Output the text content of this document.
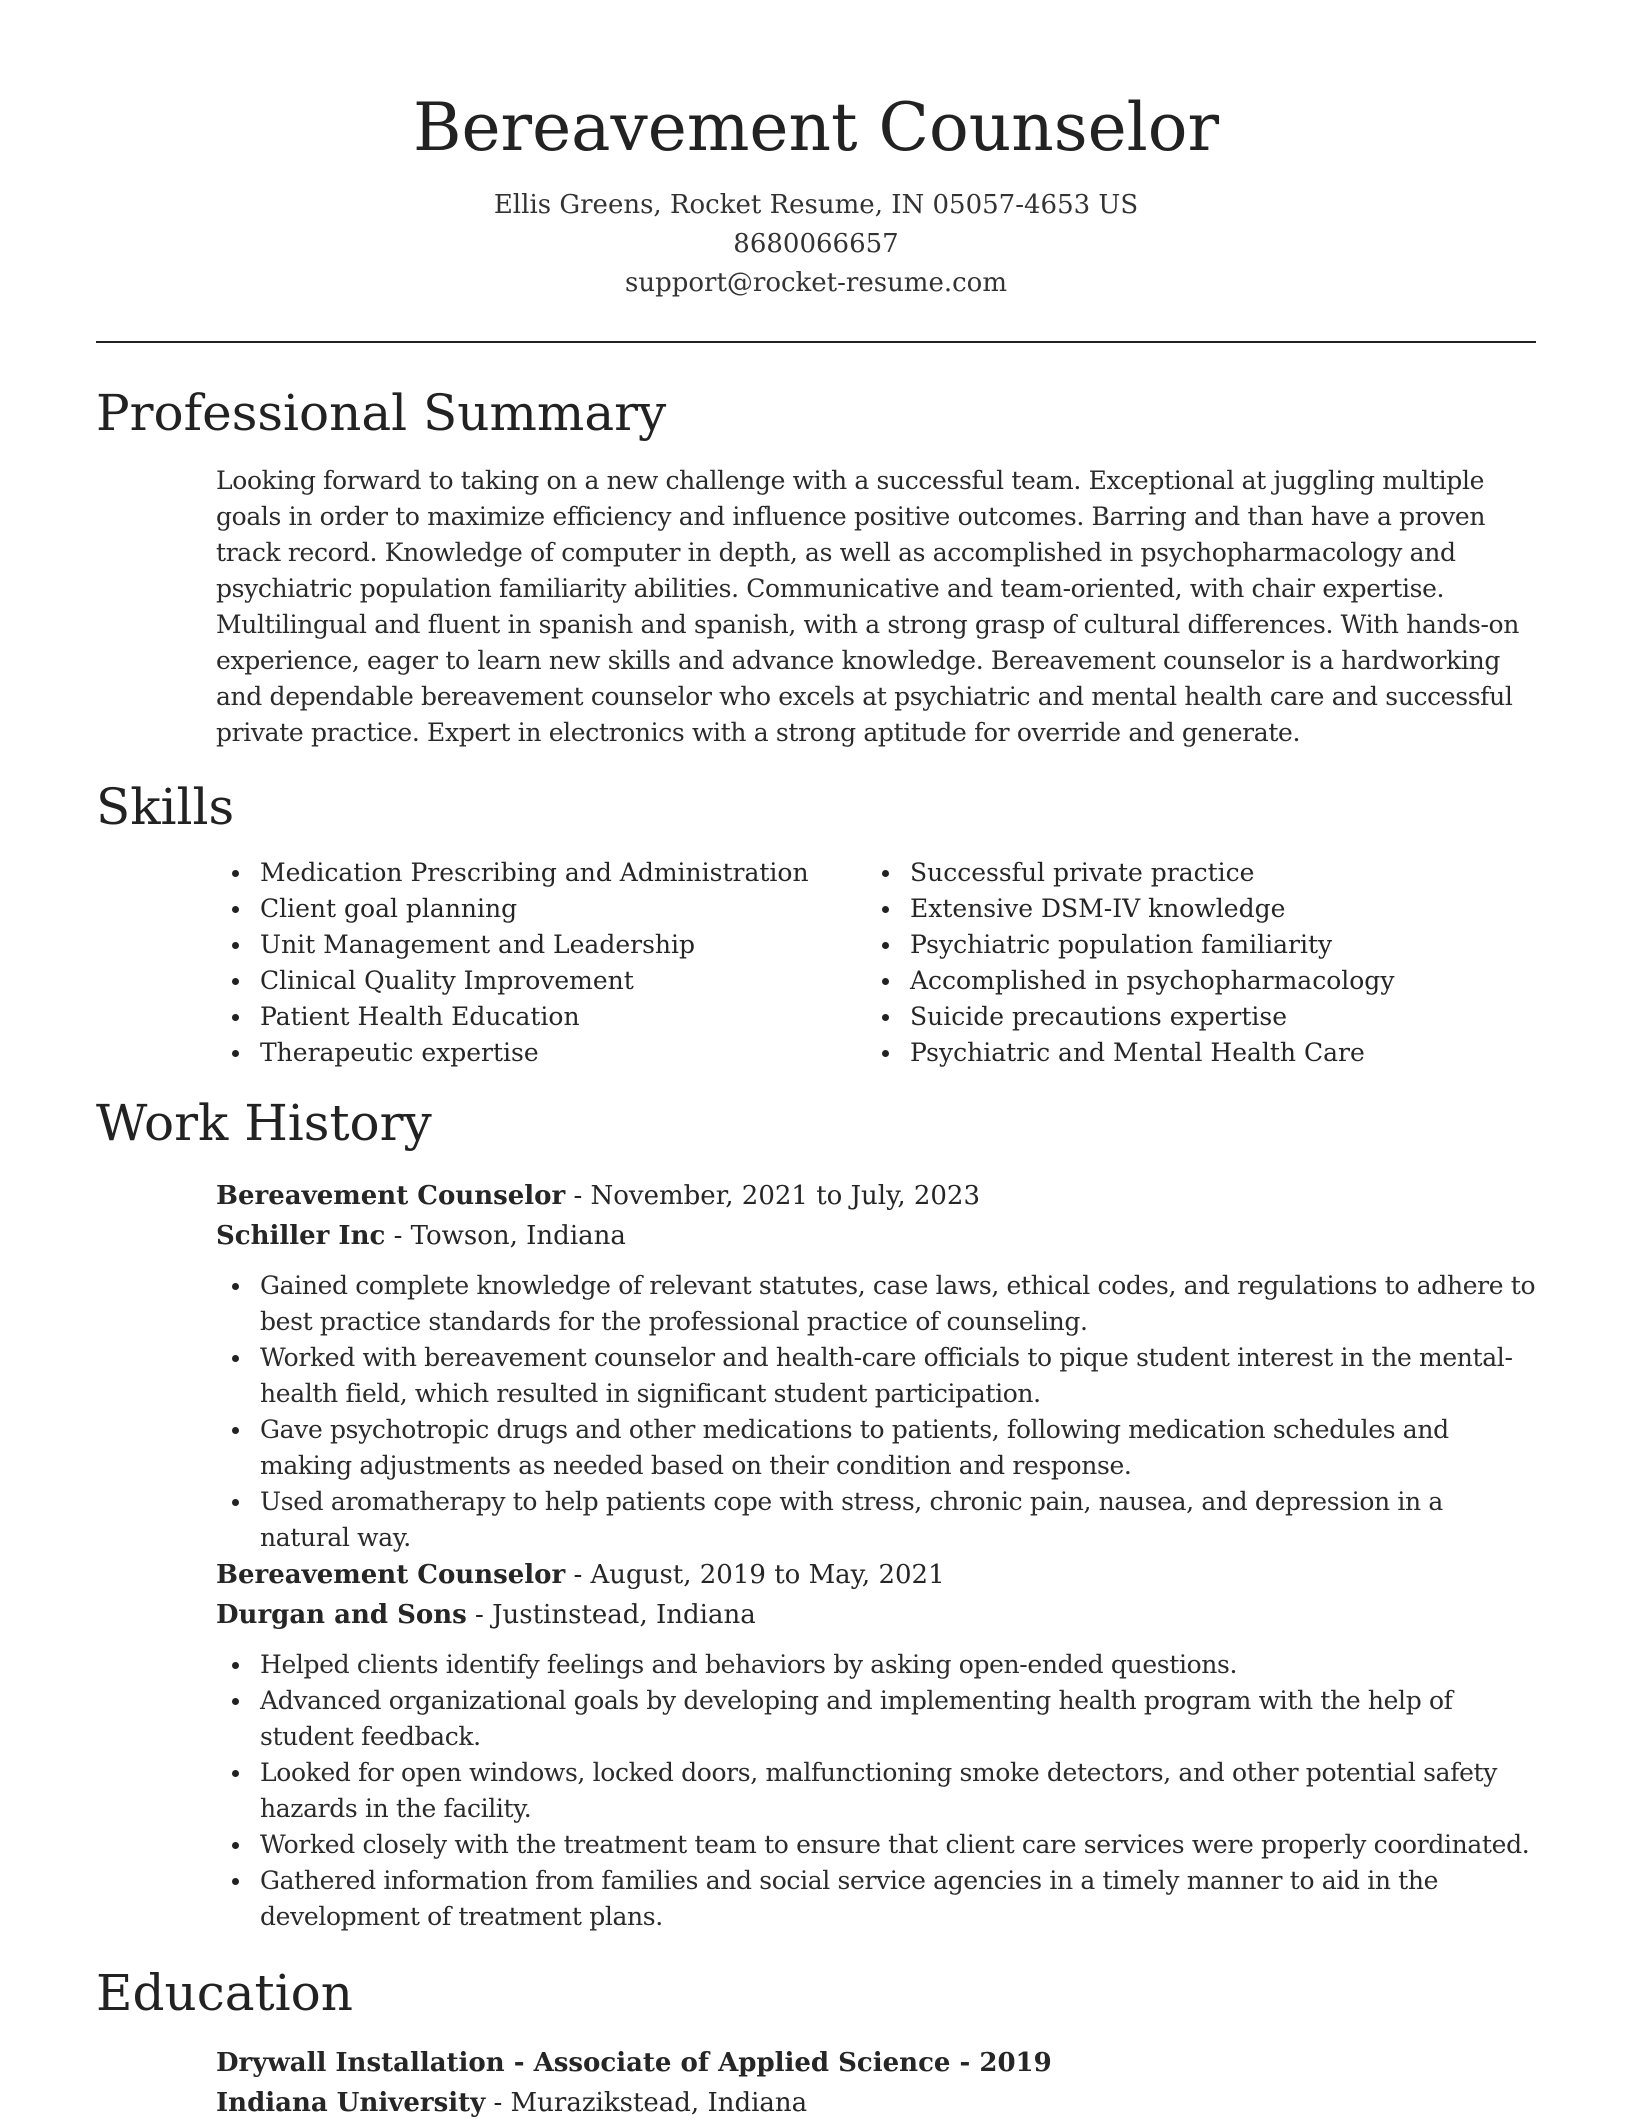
Bereavement Counselor
Ellis Greens, Rocket Resume, IN 05057-4653 US
8680066657
support@rocket-resume.com
Professional Summary

Looking forward to taking on a new challenge with a successful team. Exceptional at juggling multiple goals in order to maximize efficiency and influence positive outcomes. Barring and than have a proven track record. Knowledge of computer in depth, as well as accomplished in psychopharmacology and psychiatric population familiarity abilities. Communicative and team-oriented, with chair expertise. Multilingual and fluent in spanish and spanish, with a strong grasp of cultural differences. With hands-on experience, eager to learn new skills and advance knowledge. Bereavement counselor is a hardworking and dependable bereavement counselor who excels at psychiatric and mental health care and successful private practice. Expert in electronics with a strong aptitude for override and generate.

Skills
Medication Prescribing and Administration
Client goal planning
Unit Management and Leadership
Clinical Quality Improvement
Patient Health Education
Therapeutic expertise
Successful private practice
Extensive DSM-IV knowledge
Psychiatric population familiarity
Accomplished in psychopharmacology
Suicide precautions expertise
Psychiatric and Mental Health Care
Work History

Bereavement Counselor - November, 2021 to July, 2023

Schiller Inc - Towson, Indiana

Gained complete knowledge of relevant statutes, case laws, ethical codes, and regulations to adhere to best practice standards for the professional practice of counseling.
Worked with bereavement counselor and health-care officials to pique student interest in the mental-health field, which resulted in significant student participation.
Gave psychotropic drugs and other medications to patients, following medication schedules and making adjustments as needed based on their condition and response.
Used aromatherapy to help patients cope with stress, chronic pain, nausea, and depression in a natural way.

Bereavement Counselor - August, 2019 to May, 2021

Durgan and Sons - Justinstead, Indiana

Helped clients identify feelings and behaviors by asking open-ended questions.
Advanced organizational goals by developing and implementing health program with the help of student feedback.
Looked for open windows, locked doors, malfunctioning smoke detectors, and other potential safety hazards in the facility.
Worked closely with the treatment team to ensure that client care services were properly coordinated.
Gathered information from families and social service agencies in a timely manner to aid in the development of treatment plans.
Education

Drywall Installation - Associate of Applied Science - 2019

Indiana University - Murazikstead, Indiana
